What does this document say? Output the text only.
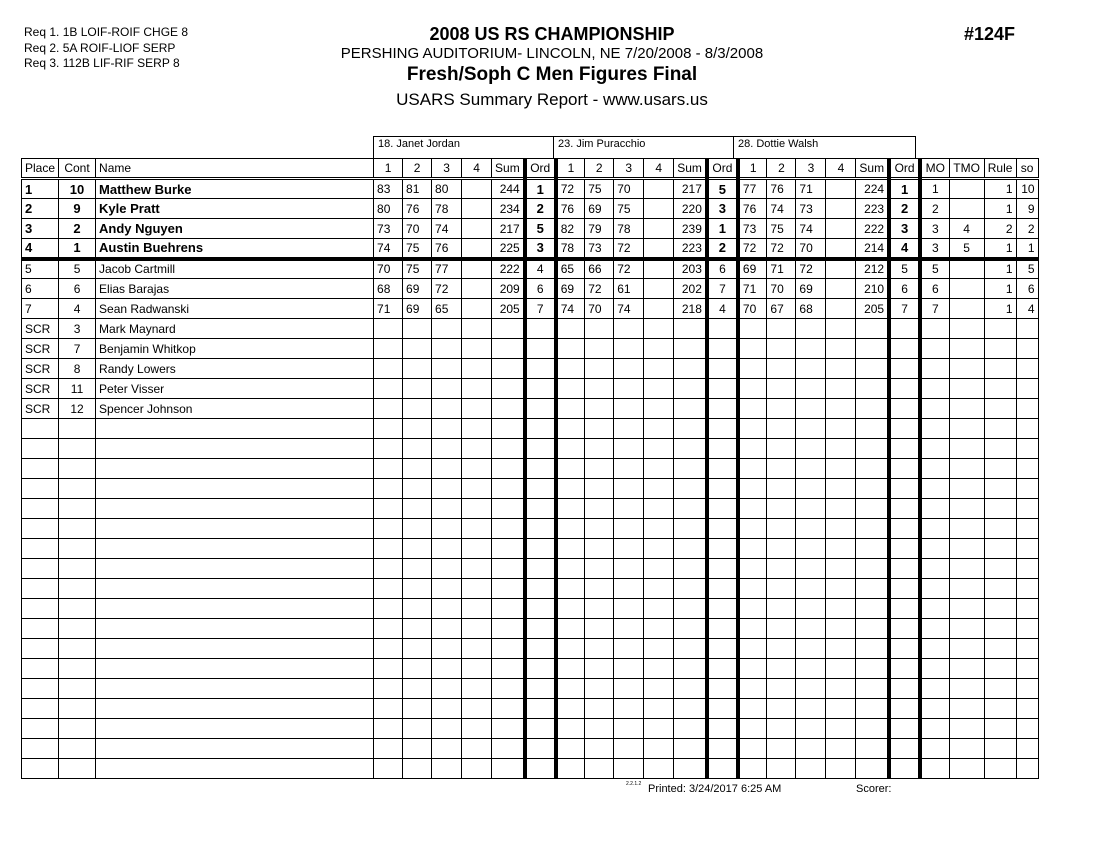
Req 1. 1B LOIF-ROIF CHGE 8
Req 2. 5A ROIF-LIOF SERP
Req 3. 112B LIF-RIF SERP 8
2008 US RS CHAMPIONSHIP
PERSHING AUDITORIUM- LINCOLN, NE 7/20/2008 - 8/3/2008
Fresh/Soph C Men Figures Final
USARS Summary Report - www.usars.us
#124F
18. Janet Jordan	23. Jim Puracchio	28. Dottie Walsh
Place	Cont	Name	1	2	3	4	Sum	Ord	1	2	3	4	Sum	Ord	1	2	3	4	Sum	Ord	MO	TMO	Rule	so
1	10	Matthew Burke	83	81	80		244	1	72	75	70		217	5	77	76	71		224	1	1		1	10
2	9	Kyle Pratt	80	76	78		234	2	76	69	75		220	3	76	74	73		223	2	2		1	9
3	2	Andy Nguyen	73	70	74		217	5	82	79	78		239	1	73	75	74		222	3	3	4	2	2
4	1	Austin Buehrens	74	75	76		225	3	78	73	72		223	2	72	72	70		214	4	3	5	1	1
5	5	Jacob Cartmill	70	75	77		222	4	65	66	72		203	6	69	71	72		212	5	5		1	5
6	6	Elias Barajas	68	69	72		209	6	69	72	61		202	7	71	70	69		210	6	6		1	6
7	4	Sean Radwanski	71	69	65		205	7	74	70	74		218	4	70	67	68		205	7	7		1	4
SCR	3	Mark Maynard																						
SCR	7	Benjamin Whitkop																						
SCR	8	Randy Lowers																						
SCR	11	Peter Visser																						
SCR	12	Spencer Johnson																						

2.2.1.2 Printed: 3/24/2017 6:25 AM	Scorer:
